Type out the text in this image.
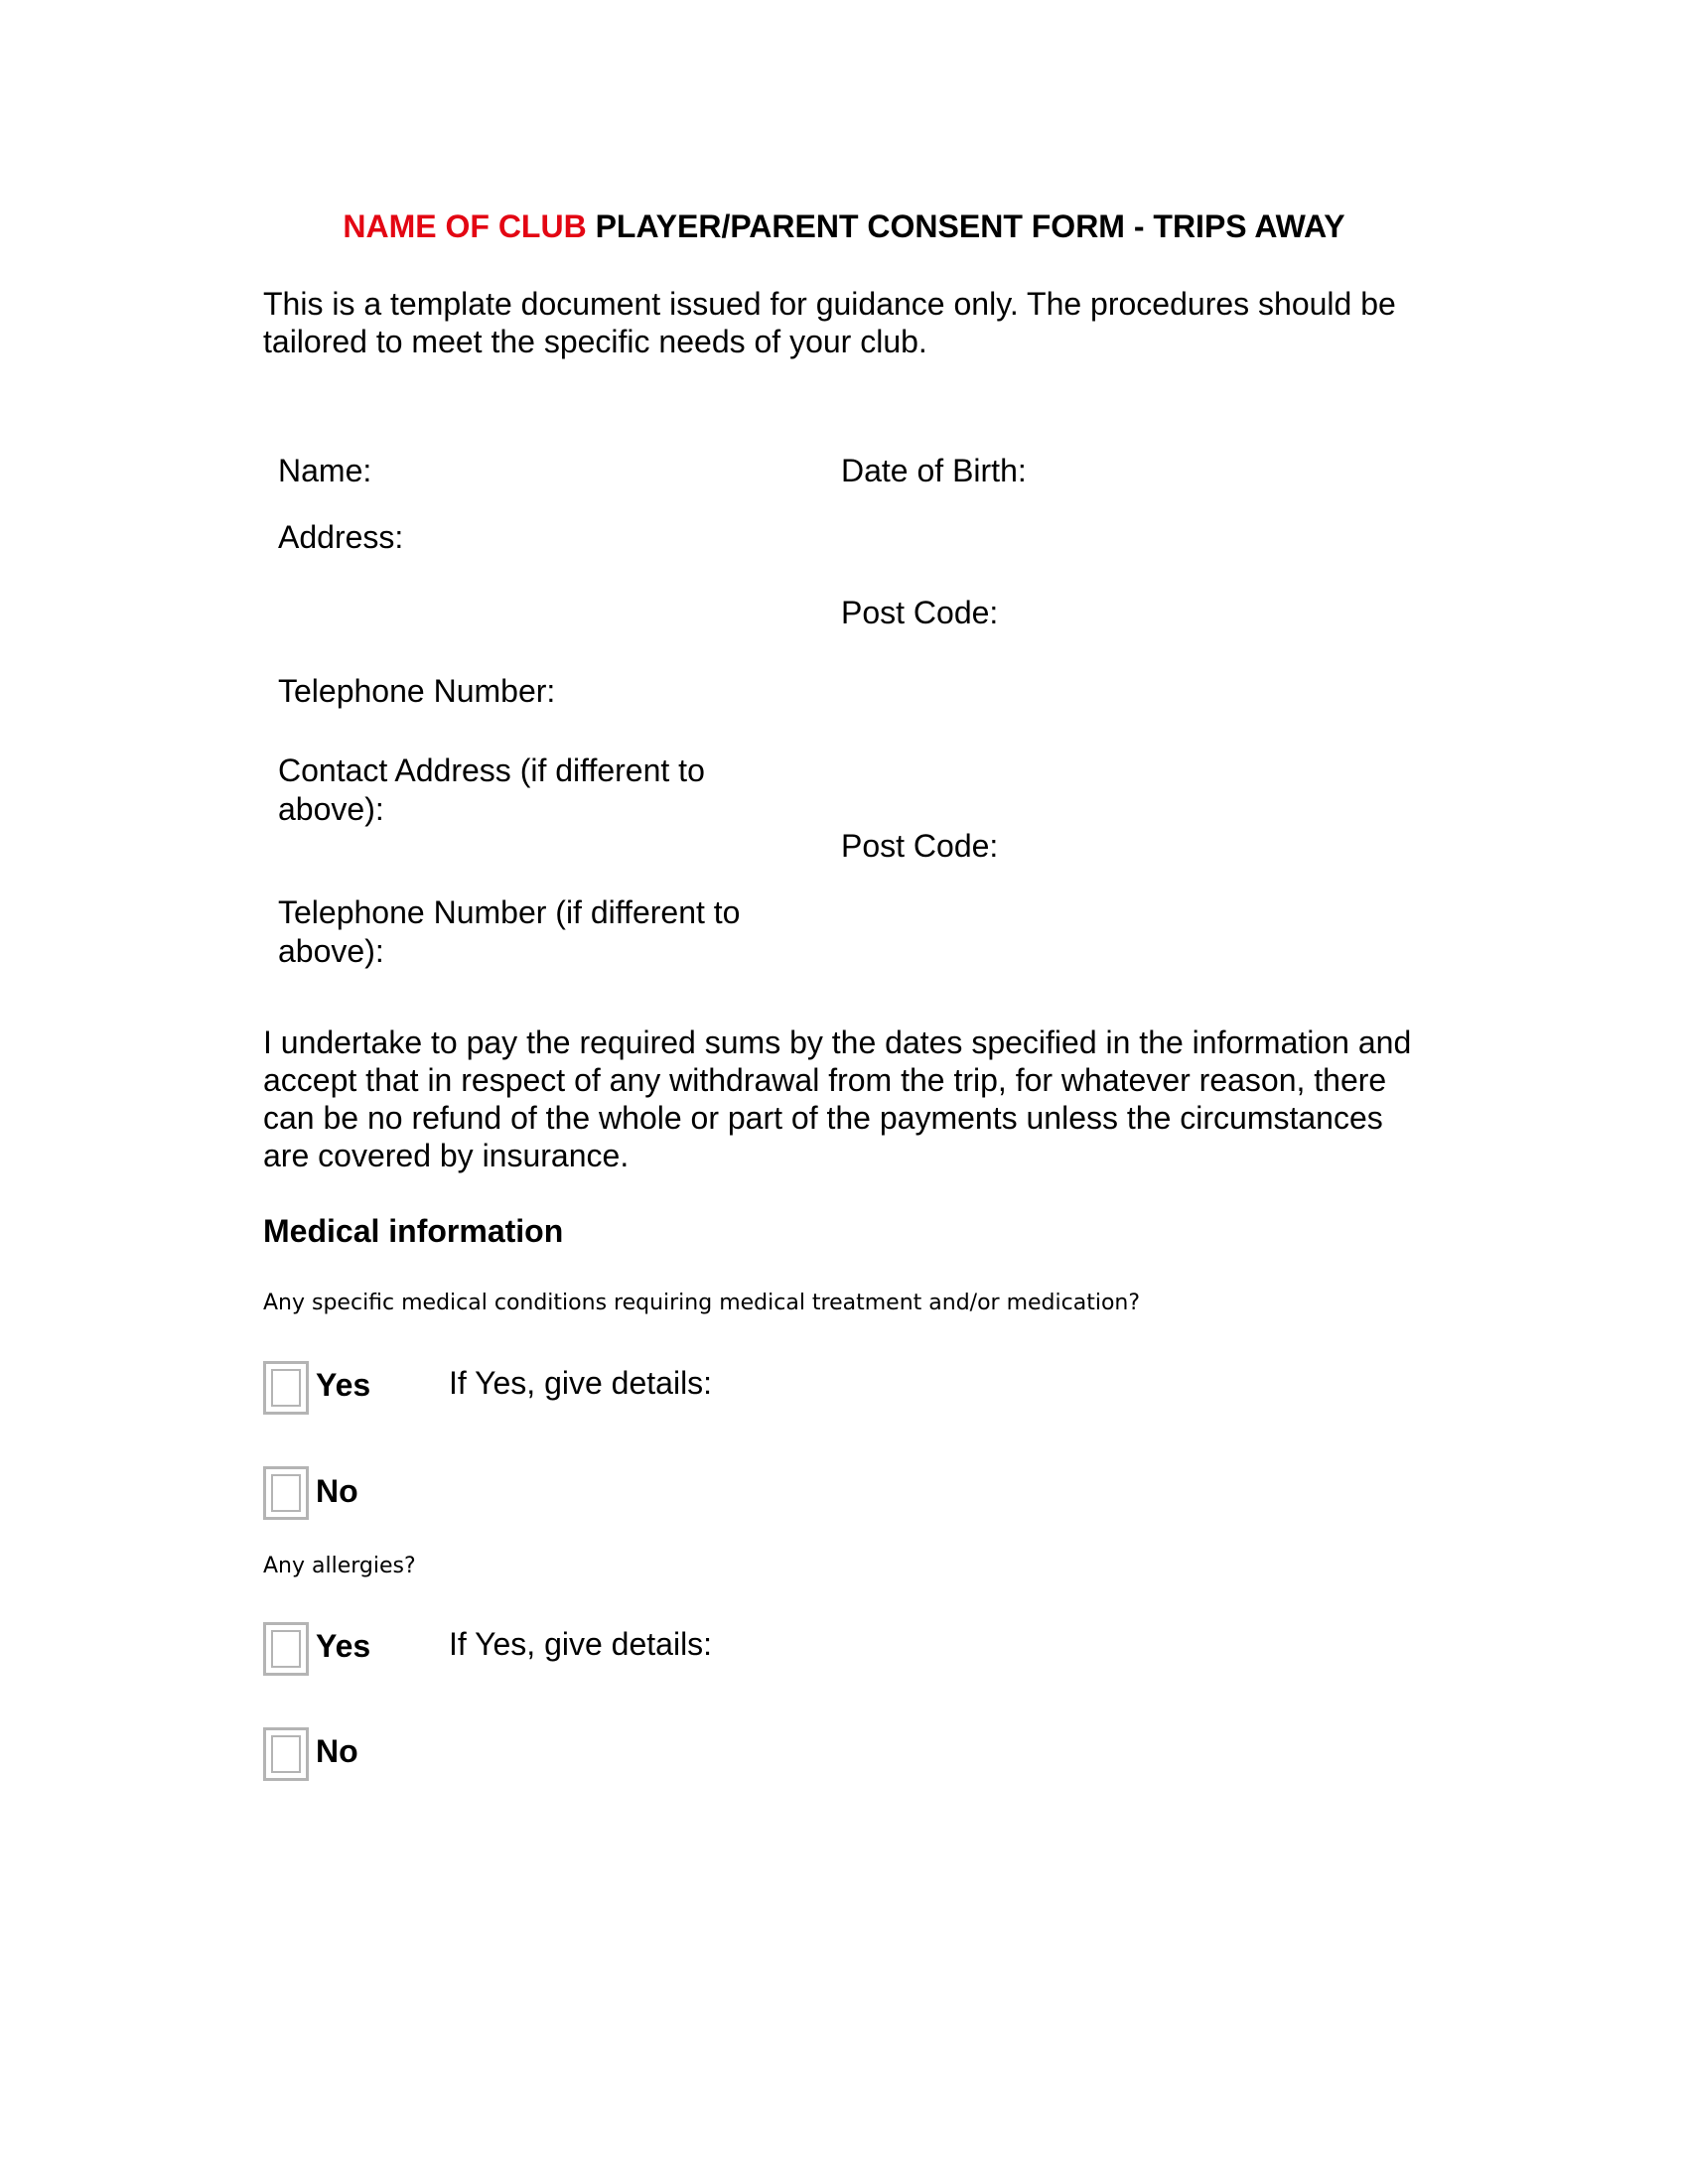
NAME OF CLUB PLAYER/PARENT CONSENT FORM - TRIPS AWAY
This is a template document issued for guidance only. The procedures should be tailored to meet the specific needs of your club.
Name:	Date of Birth:
Address:
Post Code:
Telephone Number:
Contact Address (if different to above):
Post Code:
Telephone Number (if different to above):
I undertake to pay the required sums by the dates specified in the information and accept that in respect of any withdrawal from the trip, for whatever reason, there can be no refund of the whole or part of the payments unless the circumstances are covered by insurance.
Medical information
Any specific medical conditions requiring medical treatment and/or medication?
Yes If Yes, give details:
No
Any allergies?
Yes If Yes, give details:
No
